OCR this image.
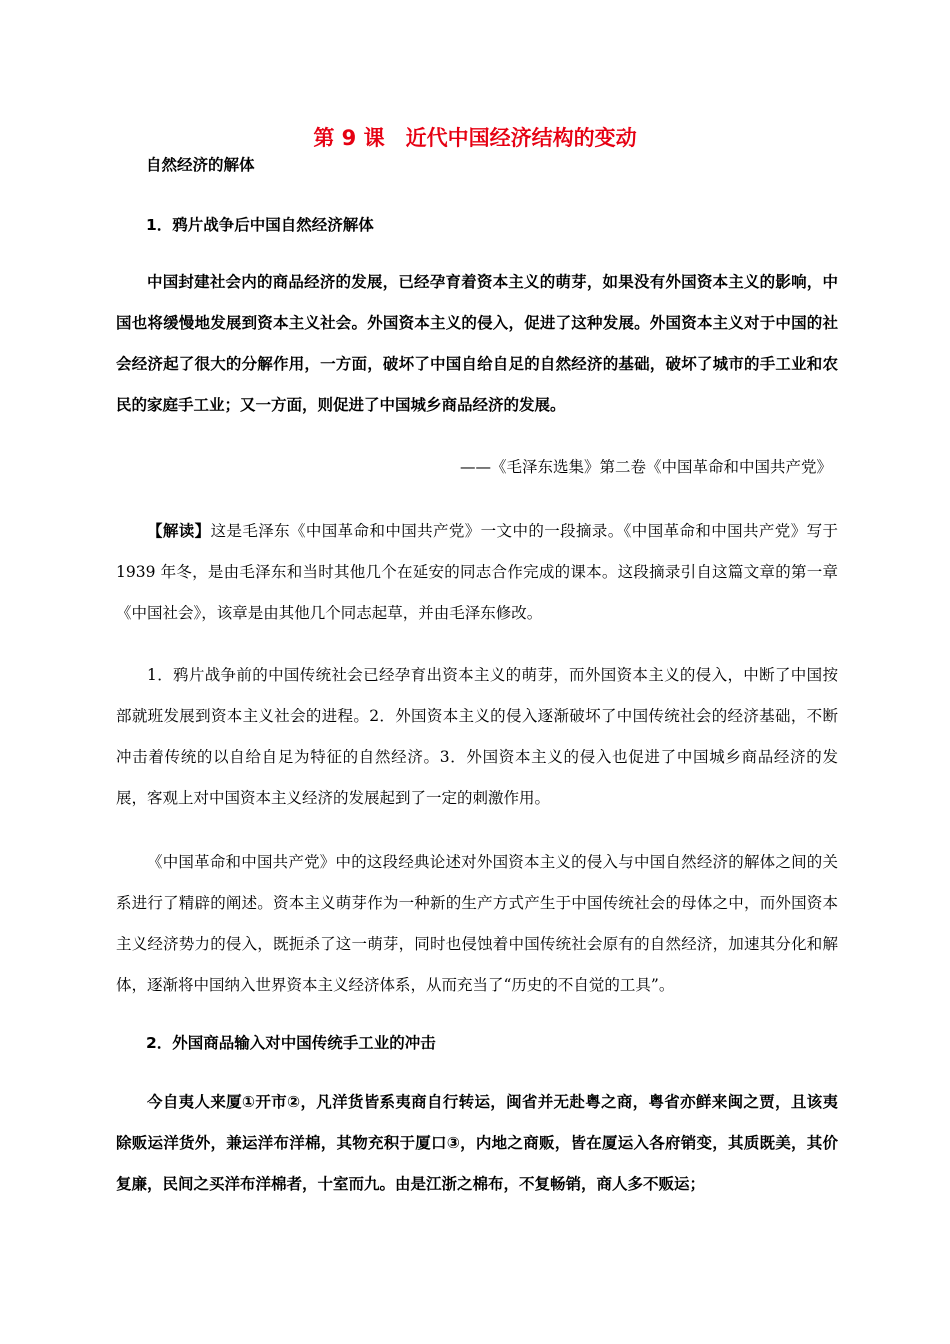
第 9 课　近代中国经济结构的变动
自然经济的解体
1．鸦片战争后中国自然经济解体

中国封建社会内的商品经济的发展，已经孕育着资本主义的萌芽，如果没有外国资本主义的影响，中国也将缓慢地发展到资本主义社会。外国资本主义的侵入，促进了这种发展。外国资本主义对于中国的社会经济起了很大的分解作用，一方面，破坏了中国自给自足的自然经济的基础，破坏了城市的手工业和农民的家庭手工业；又一方面，则促进了中国城乡商品经济的发展。

——《毛泽东选集》第二卷《中国革命和中国共产党》

【解读】这是毛泽东《中国革命和中国共产党》一文中的一段摘录。《中国革命和中国共产党》写于 1939 年冬，是由毛泽东和当时其他几个在延安的同志合作完成的课本。这段摘录引自这篇文章的第一章《中国社会》，该章是由其他几个同志起草，并由毛泽东修改。

1．鸦片战争前的中国传统社会已经孕育出资本主义的萌芽，而外国资本主义的侵入，中断了中国按部就班发展到资本主义社会的进程。2．外国资本主义的侵入逐渐破坏了中国传统社会的经济基础，不断冲击着传统的以自给自足为特征的自然经济。3．外国资本主义的侵入也促进了中国城乡商品经济的发展，客观上对中国资本主义经济的发展起到了一定的刺激作用。

《中国革命和中国共产党》中的这段经典论述对外国资本主义的侵入与中国自然经济的解体之间的关系进行了精辟的阐述。资本主义萌芽作为一种新的生产方式产生于中国传统社会的母体之中，而外国资本主义经济势力的侵入，既扼杀了这一萌芽，同时也侵蚀着中国传统社会原有的自然经济，加速其分化和解体，逐渐将中国纳入世界资本主义经济体系，从而充当了“历史的不自觉的工具”。

2．外国商品输入对中国传统手工业的冲击

今自夷人来厦①开市②，凡洋货皆系夷商自行转运，闽省并无赴粤之商，粤省亦鲜来闽之贾，且该夷除贩运洋货外，兼运洋布洋棉，其物充积于厦口③，内地之商贩，皆在厦运入各府销变，其质既美，其价复廉，民间之买洋布洋棉者，十室而九。由是江浙之棉布，不复畅销，商人多不贩运；
